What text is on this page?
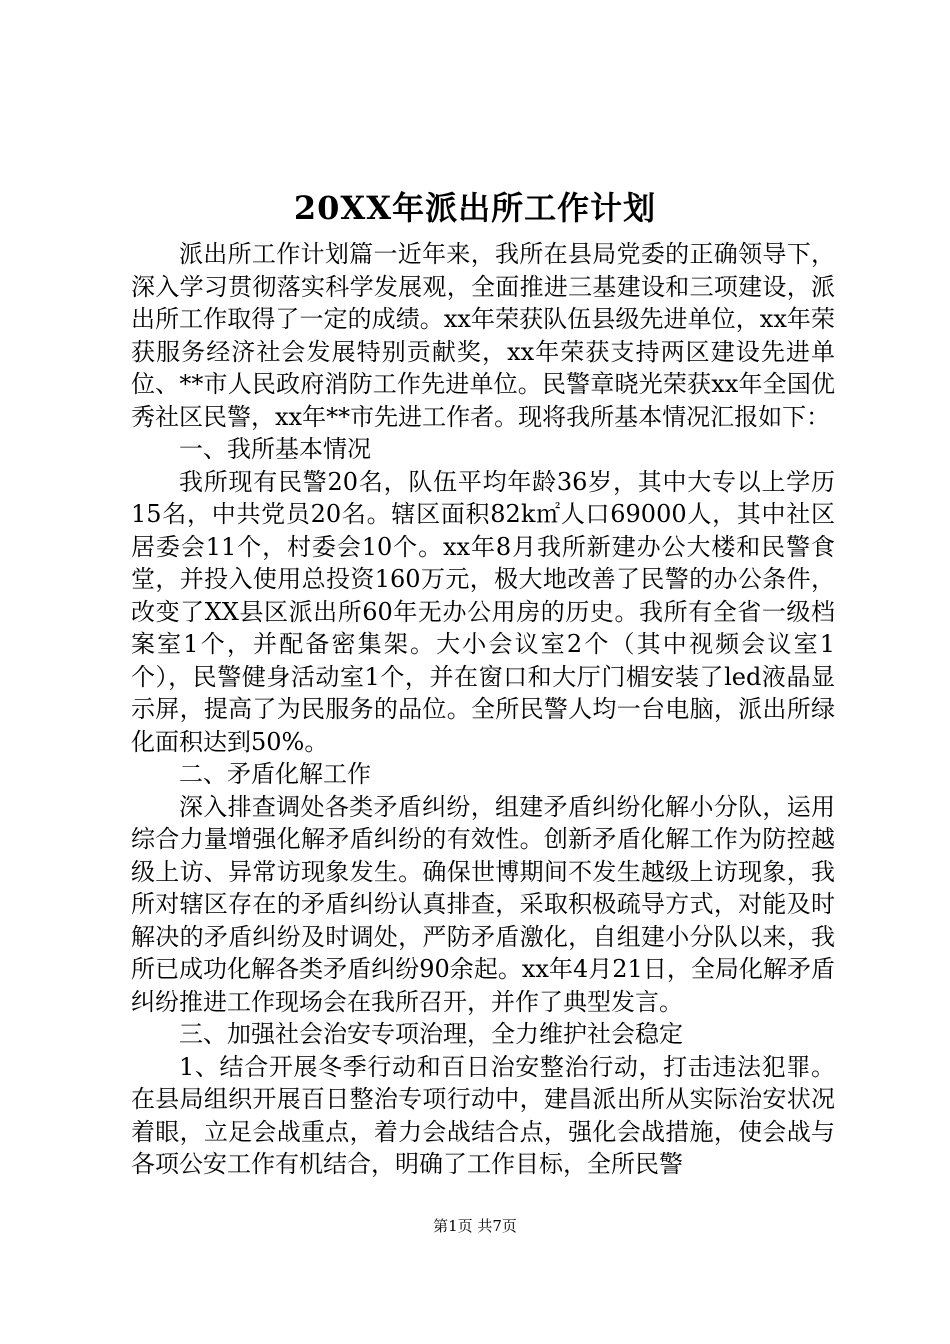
20XX年派出所工作计划

派出所工作计划篇一近年来，我所在县局党委的正确领导下，深入学习贯彻落实科学发展观，全面推进三基建设和三项建设，派出所工作取得了一定的成绩。xx年荣获队伍县级先进单位，xx年荣获服务经济社会发展特别贡献奖，xx年荣获支持两区建设先进单位、**市人民政府消防工作先进单位。民警章晓光荣获xx年全国优秀社区民警，xx年**市先进工作者。现将我所基本情况汇报如下：

一、我所基本情况

我所现有民警20名，队伍平均年龄36岁，其中大专以上学历15名，中共党员20名。辖区面积82k㎡人口69000人，其中社区居委会11个，村委会10个。xx年8月我所新建办公大楼和民警食堂，并投入使用总投资160万元，极大地改善了民警的办公条件，改变了XX县区派出所60年无办公用房的历史。我所有全省一级档案室1个，并配备密集架。大小会议室2个（其中视频会议室1个），民警健身活动室1个，并在窗口和大厅门楣安装了led液晶显示屏，提高了为民服务的品位。全所民警人均一台电脑，派出所绿化面积达到50%。

二、矛盾化解工作

深入排查调处各类矛盾纠纷，组建矛盾纠纷化解小分队，运用综合力量增强化解矛盾纠纷的有效性。创新矛盾化解工作为防控越级上访、异常访现象发生。确保世博期间不发生越级上访现象，我所对辖区存在的矛盾纠纷认真排查，采取积极疏导方式，对能及时解决的矛盾纠纷及时调处，严防矛盾激化，自组建小分队以来，我所已成功化解各类矛盾纠纷90余起。xx年4月21日，全局化解矛盾纠纷推进工作现场会在我所召开，并作了典型发言。

三、加强社会治安专项治理，全力维护社会稳定

1、结合开展冬季行动和百日治安整治行动，打击违法犯罪。在县局组织开展百日整治专项行动中，建昌派出所从实际治安状况着眼，立足会战重点，着力会战结合点，强化会战措施，使会战与各项公安工作有机结合，明确了工作目标，全所民警

第1页 共7页
